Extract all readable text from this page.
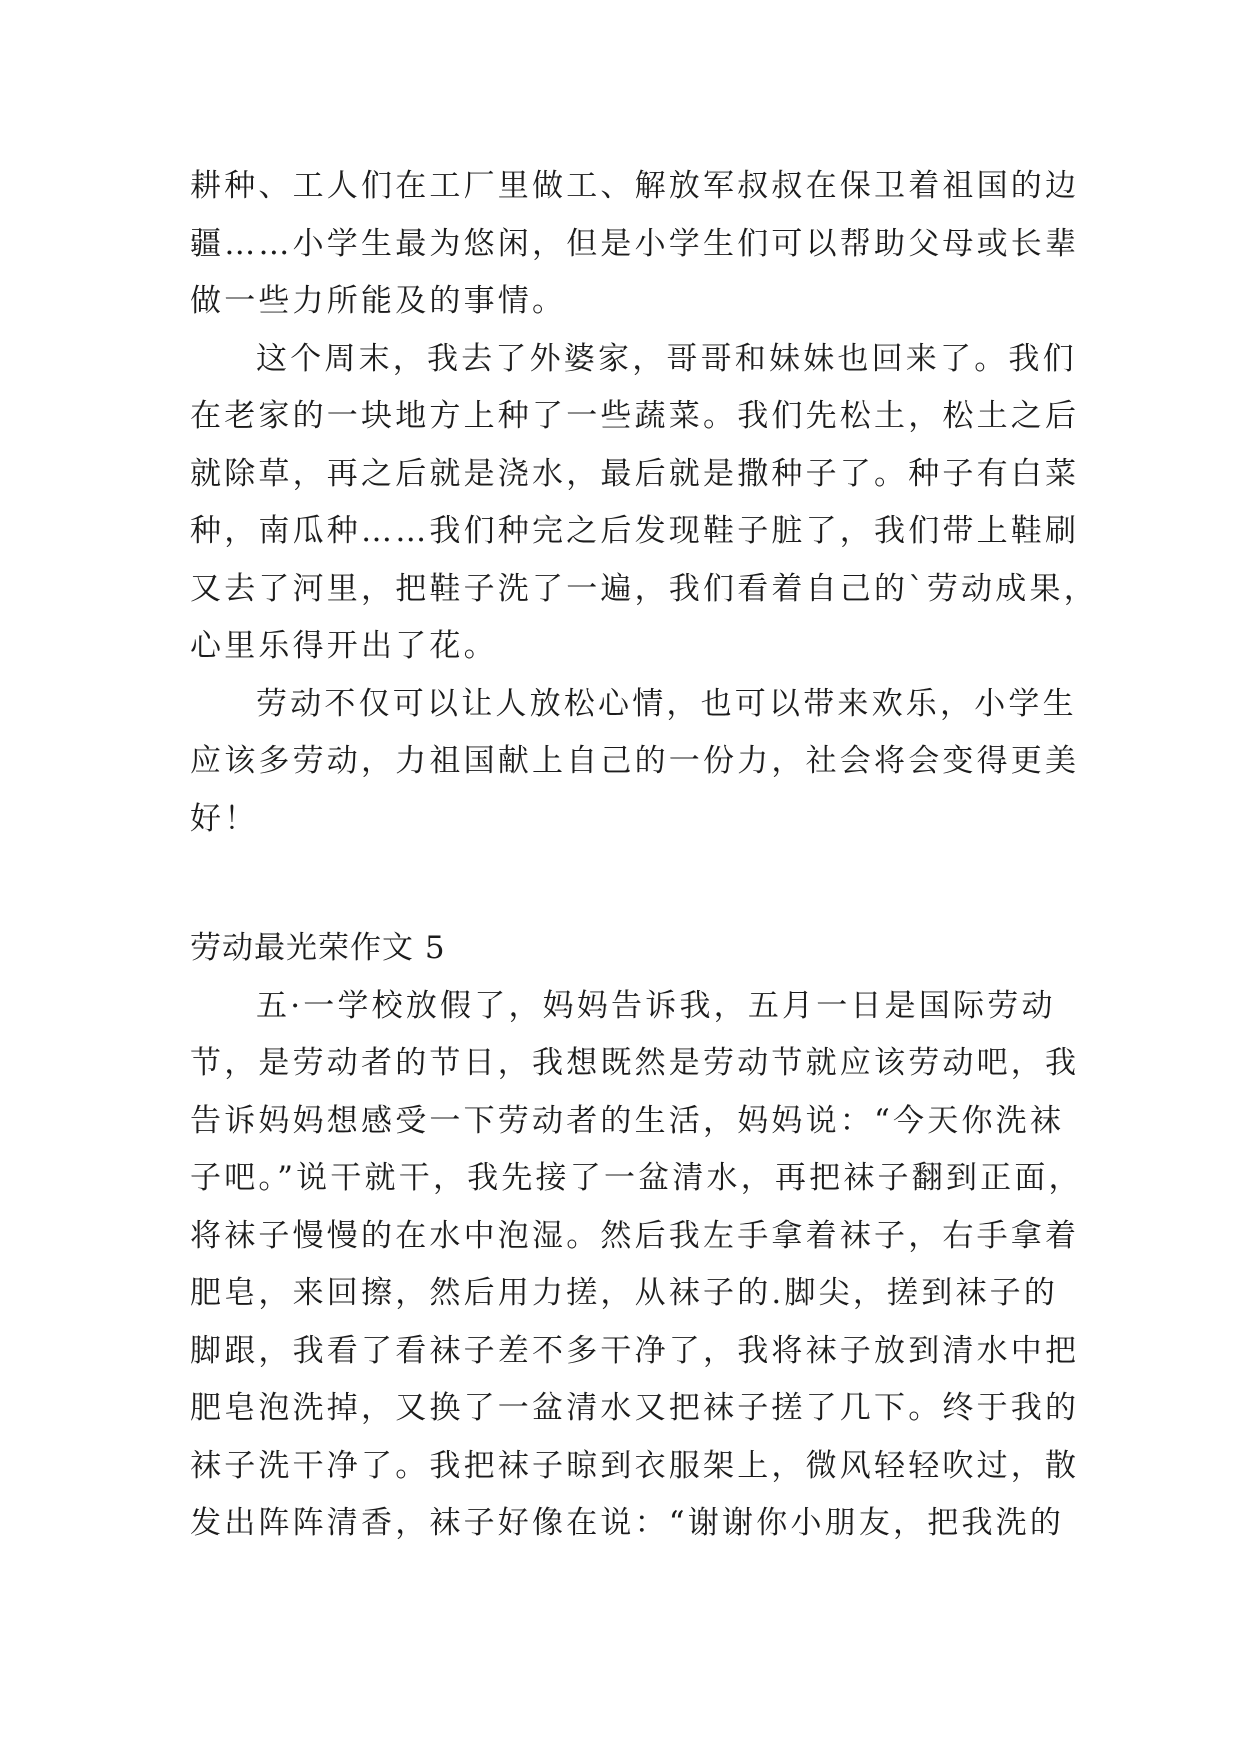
耕种、工人们在工厂里做工、解放军叔叔在保卫着祖国的边
疆……小学生最为悠闲，但是小学生们可以帮助父母或长辈
做一些力所能及的事情。

这个周末，我去了外婆家，哥哥和妹妹也回来了。我们
在老家的一块地方上种了一些蔬菜。我们先松土，松土之后
就除草，再之后就是浇水，最后就是撒种子了。种子有白菜
种，南瓜种……我们种完之后发现鞋子脏了，我们带上鞋刷
又去了河里，把鞋子洗了一遍，我们看着自己的`劳动成果，
心里乐得开出了花。

劳动不仅可以让人放松心情，也可以带来欢乐，小学生
应该多劳动，力祖国献上自己的一份力，社会将会变得更美
好！

劳动最光荣作文 5

五·一学校放假了，妈妈告诉我，五月一日是国际劳动
节，是劳动者的节日，我想既然是劳动节就应该劳动吧，我
告诉妈妈想感受一下劳动者的生活，妈妈说：“今天你洗袜
子吧。”说干就干，我先接了一盆清水，再把袜子翻到正面，
将袜子慢慢的在水中泡湿。然后我左手拿着袜子，右手拿着
肥皂，来回擦，然后用力搓，从袜子的.脚尖，搓到袜子的
脚跟，我看了看袜子差不多干净了，我将袜子放到清水中把
肥皂泡洗掉，又换了一盆清水又把袜子搓了几下。终于我的
袜子洗干净了。我把袜子晾到衣服架上，微风轻轻吹过，散
发出阵阵清香，袜子好像在说：“谢谢你小朋友，把我洗的
